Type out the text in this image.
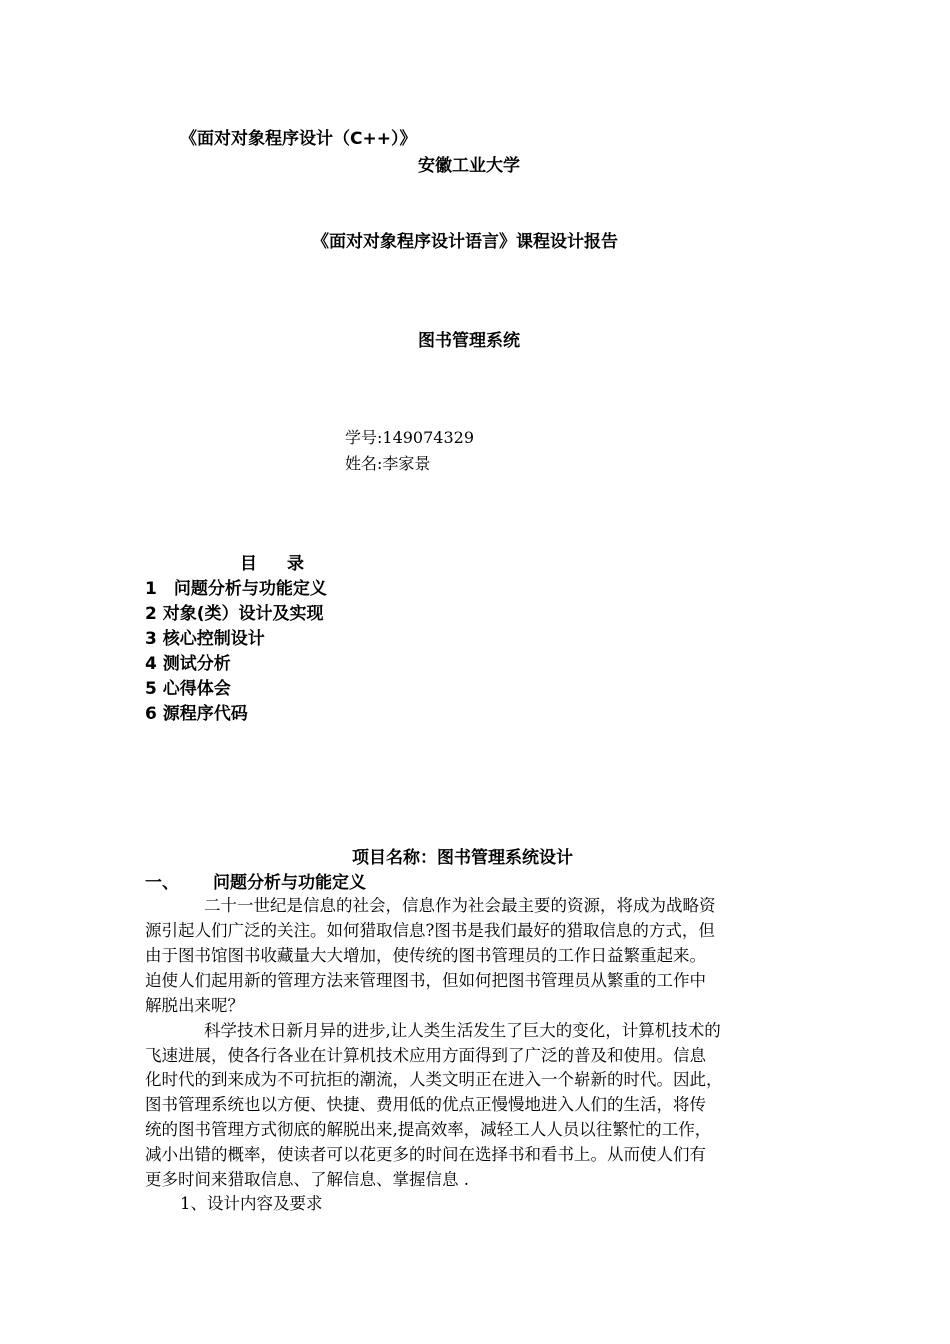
《面对对象程序设计（C++）》
安徽工业大学
《面对对象程序设计语言》课程设计报告
图书管理系统
学号:149074329
姓名:李家景
目 录
1　问题分析与功能定义
2 对象(类）设计及实现
3 核心控制设计
4 测试分析
5 心得体会
6 源程序代码
项目名称：图书管理系统设计
一、 问题分析与功能定义
二十一世纪是信息的社会，信息作为社会最主要的资源，将成为战略资
源引起人们广泛的关注。如何猎取信息?图书是我们最好的猎取信息的方式，但
由于图书馆图书收藏量大大增加，使传统的图书管理员的工作日益繁重起来。
迫使人们起用新的管理方法来管理图书，但如何把图书管理员从繁重的工作中
解脱出来呢？
科学技术日新月异的进步,让人类生活发生了巨大的变化，计算机技术的
飞速进展，使各行各业在计算机技术应用方面得到了广泛的普及和使用。信息
化时代的到来成为不可抗拒的潮流，人类文明正在进入一个崭新的时代。因此，
图书管理系统也以方便、快捷、费用低的优点正慢慢地进入人们的生活，将传
统的图书管理方式彻底的解脱出来,提高效率，减轻工人人员以往繁忙的工作，
减小出错的概率，使读者可以花更多的时间在选择书和看书上。从而使人们有
更多时间来猎取信息、了解信息、掌握信息 .
1、设计内容及要求
